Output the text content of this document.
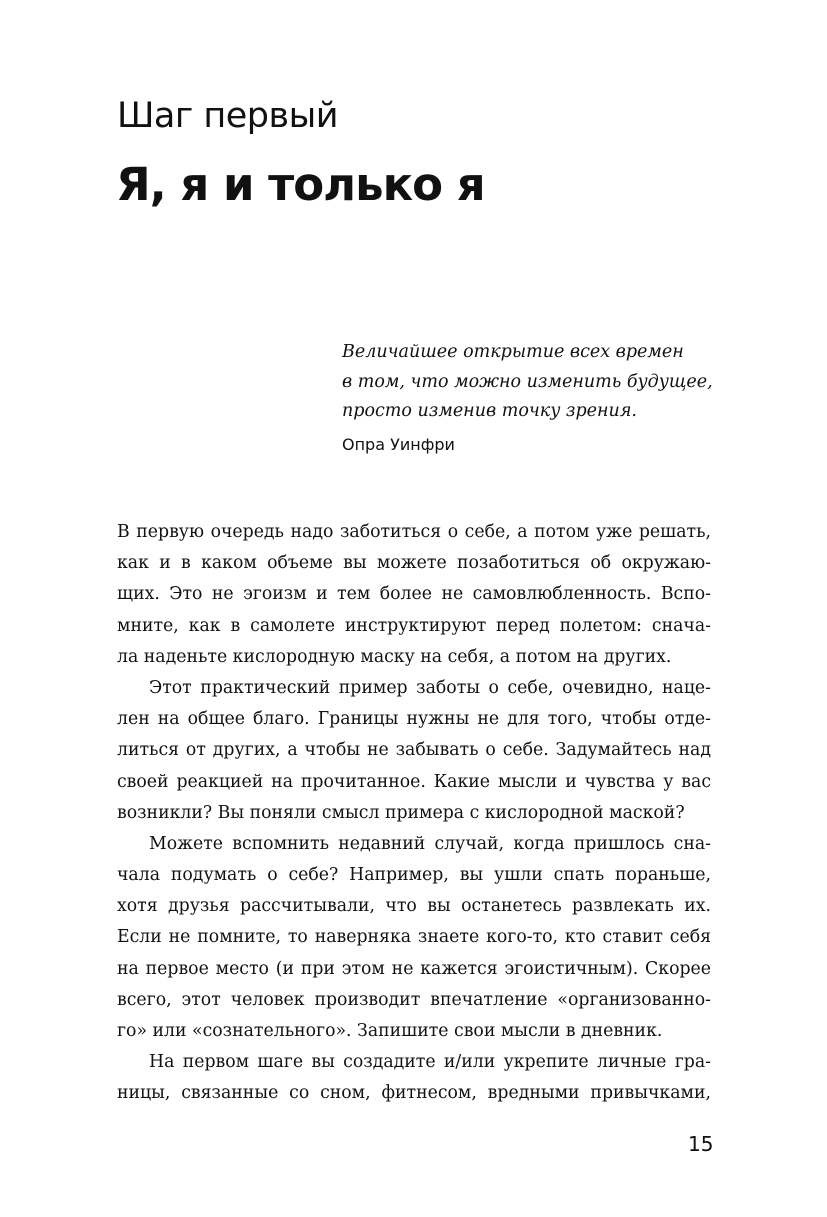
Шаг первый
Я, я и только я
Величайшее открытие всех времен
в том, что можно изменить будущее,
просто изменив точку зрения.
Опра Уинфри
В первую очередь надо заботиться о себе, а потом уже решать,
как и в каком объеме вы можете позаботиться об окружаю-
щих. Это не эгоизм и тем более не самовлюбленность. Вспо-
мните, как в самолете инструктируют перед полетом: снача-
ла наденьте кислородную маску на себя, а потом на других.
Этот практический пример заботы о себе, очевидно, наце-
лен на общее благо. Границы нужны не для того, чтобы отде-
литься от других, а чтобы не забывать о себе. Задумайтесь над
своей реакцией на прочитанное. Какие мысли и чувства у вас
возникли? Вы поняли смысл примера с кислородной маской?
Можете вспомнить недавний случай, когда пришлось сна-
чала подумать о себе? Например, вы ушли спать пораньше,
хотя друзья рассчитывали, что вы останетесь развлекать их.
Если не помните, то наверняка знаете кого-то, кто ставит себя
на первое место (и при этом не кажется эгоистичным). Скорее
всего, этот человек производит впечатление «организованно-
го» или «сознательного». Запишите свои мысли в дневник.
На первом шаге вы создадите и/или укрепите личные гра-
ницы, связанные со сном, фитнесом, вредными привычками,
15
